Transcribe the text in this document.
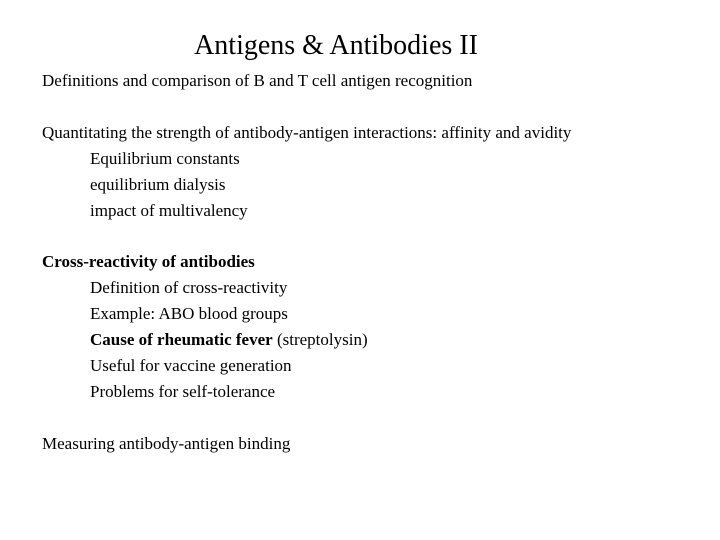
Antigens & Antibodies II
Definitions and comparison of B and T cell antigen recognition
Quantitating the strength of antibody-antigen interactions: affinity and avidity
Equilibrium constants
equilibrium dialysis
impact of multivalency
Cross-reactivity of antibodies
Definition of cross-reactivity
Example: ABO blood groups
Cause of rheumatic fever (streptolysin)
Useful for vaccine generation
Problems for self-tolerance
Measuring antibody-antigen binding
